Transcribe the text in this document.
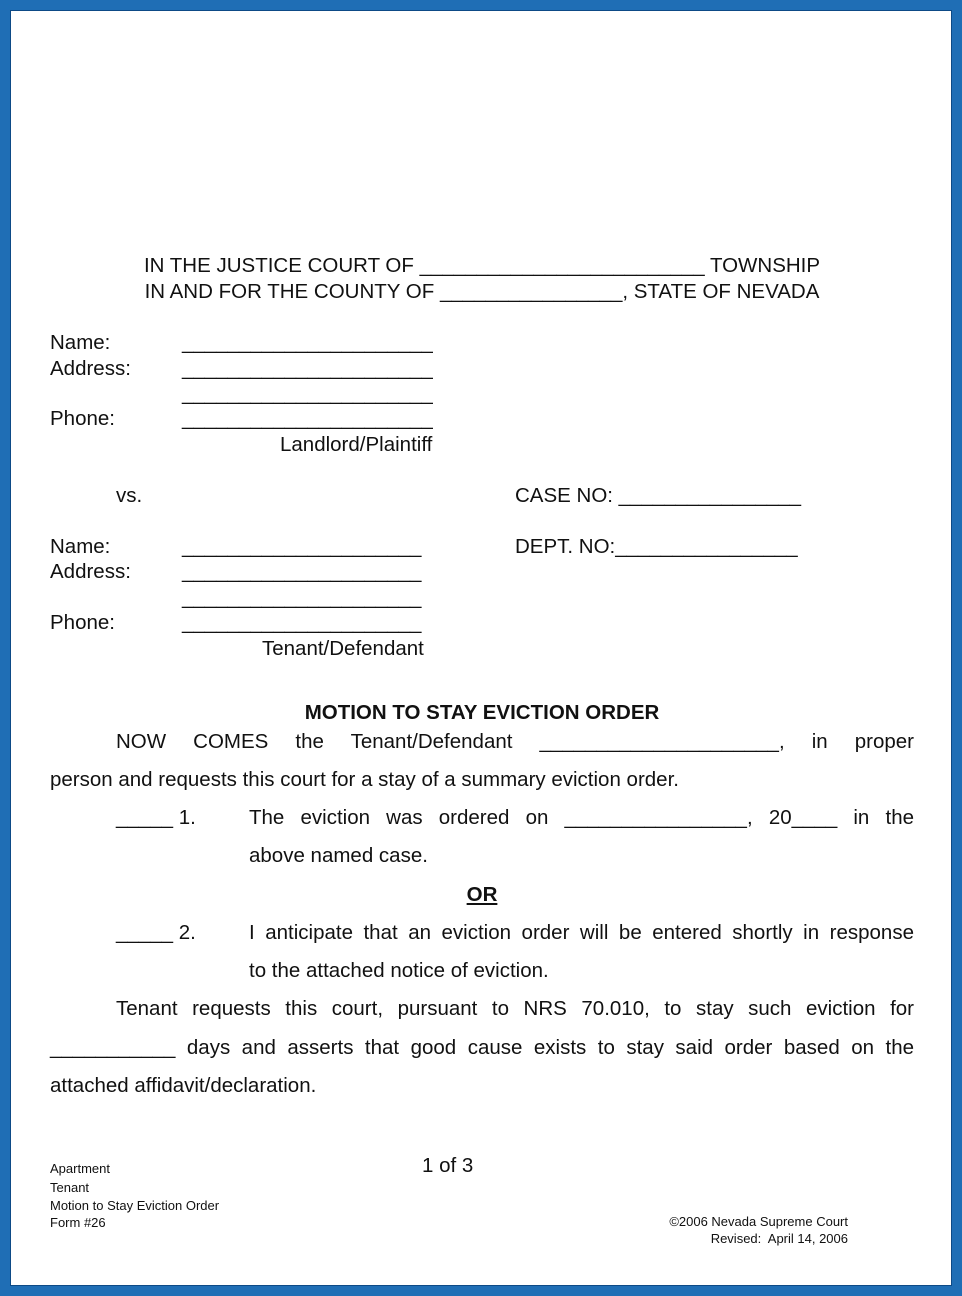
IN THE JUSTICE COURT OF _________________________ TOWNSHIP
IN AND FOR THE COUNTY OF ________________, STATE OF NEVADA
Name:	______________________
Address: ______________________
______________________
Phone:	______________________
Landlord/Plaintiff
vs.	CASE NO: ________________
Name:	_____________________	DEPT. NO:________________
Address: _____________________
_____________________
Phone:	_____________________
Tenant/Defendant
MOTION TO STAY EVICTION ORDER
NOW COMES the Tenant/Defendant _____________________, in proper
person and requests this court for a stay of a summary eviction order.
_____ 1.	The eviction was ordered on ________________, 20____ in the
above named case.
OR
_____ 2.	I anticipate that an eviction order will be entered shortly in response
to the attached notice of eviction.
Tenant requests this court, pursuant to NRS 70.010, to stay such eviction for
___________ days and asserts that good cause exists to stay said order based on the
attached affidavit/declaration.
Apartment
Tenant
Motion to Stay Eviction Order
Form #26
1 of 3
©2006 Nevada Supreme Court
Revised:  April 14, 2006
